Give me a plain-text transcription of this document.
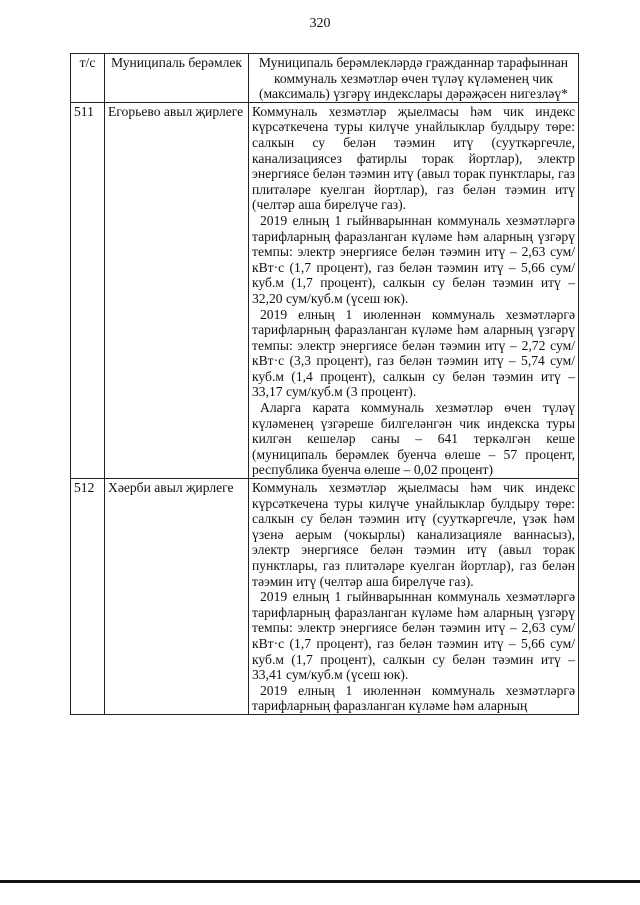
320
т/с	Муниципаль берәмлек	Муниципаль берәмлекләрдә гражданнар тарафыннан коммуналь хезмәтләр өчен түләү күләменең чик (максималь) үзгәрү индекслары дәрәҗәсен нигезләү*
511	Егорьево авыл җирлеге	Коммуналь хезмәтләр җыелмасы һәм чик индекс күрсәткечена туры килүче унайлыклар булдыру төре: салкын су белән тәэмин итү (сууткәргечле, канализациясез фатирлы торак йортлар), электр энергиясе белән тәэмин итү (авыл торак пунктлары, газ плитәләре куелган йортлар), газ белән тәэмин итү (челтәр аша бирелүче газ).

2019 елның 1 гыйнварыннан коммуналь хезмәтләргә тарифларның фаразланган күләме һәм аларның үзгәрү темпы: электр энергиясе белән тәэмин итү – 2,63 сум/кВт·с (1,7 процент), газ белән тәэмин итү – 5,66 сум/куб.м (1,7 процент), салкын су белән тәэмин итү – 32,20 сум/куб.м (үсеш юк).

2019 елның 1 июленнән коммуналь хезмәтләргә тарифларның фаразланган күләме һәм аларның үзгәрү темпы: электр энергиясе белән тәэмин итү – 2,72 сум/кВт·с (3,3 процент), газ белән тәэмин итү – 5,74 сум/куб.м (1,4 процент), салкын су белән тәэмин итү – 33,17 сум/куб.м (3 процент).

Аларга карата коммуналь хезмәтләр өчен түләү күләменең үзгәреше билгеләнгән чик индекска туры килгән кешеләр саны – 641 теркәлгән кеше (муниципаль берәмлек буенча өлеше – 57 процент, республика буенча өлеше – 0,02 процент)

512	Хәерби авыл җирлеге	Коммуналь хезмәтләр җыелмасы һәм чик индекс күрсәткечена туры килүче унайлыклар булдыру төре: салкын су белән тәэмин итү (сууткәргечле, үзәк һәм үзенә аерым (чокырлы) канализацияле ваннасыз), электр энергиясе белән тәэмин итү (авыл торак пунктлары, газ плитәләре куелган йортлар), газ белән тәэмин итү (челтәр аша бирелүче газ).

2019 елның 1 гыйнварыннан коммуналь хезмәтләргә тарифларның фаразланган күләме һәм аларның үзгәрү темпы: электр энергиясе белән тәэмин итү – 2,63 сум/кВт·с (1,7 процент), газ белән тәэмин итү – 5,66 сум/куб.м (1,7 процент), салкын су белән тәэмин итү – 33,41 сум/куб.м (үсеш юк).

2019 елның 1 июленнән коммуналь хезмәтләргә тарифларның фаразланган күләме һәм аларның
